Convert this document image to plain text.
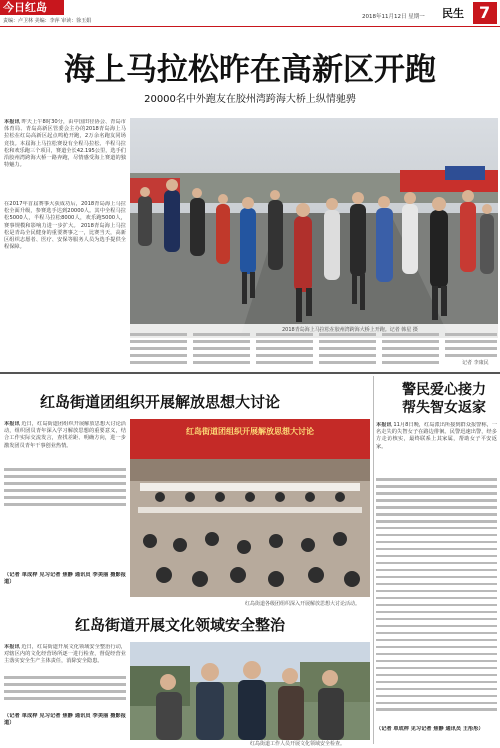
今日红岛
责编：卢卫林 美编：李萍 审读：徐玉娟
2018年11月12日 星期一 民生 7
海上马拉松昨在高新区开跑
20000名中外跑友在胶州湾跨海大桥上纵情驰骋
本报讯 昨天上午8时30分，由中国田径协会、青岛市体育局、青岛高新区管委会主办的2018青岛海上马拉松在红岛高新区起点鸣枪开跑，2万余名跑友同场竞技。本届海上马拉松赛设有全程马拉松、半程马拉松和欢乐跑三个项目，赛道全长42.195公里，选手们沿胶州湾跨海大桥一路奔跑，尽情感受海上赛道的独特魅力。
在2017年首届赛事大获成功后，2018青岛海上马拉松全面升级，参赛选手达到20000人。其中全程马拉松5000人，半程马拉松8000人，欢乐跑5000人，赛事规模和影响力进一步扩大。 2018青岛海上马拉松是青岛全民健身的重要赛事之一，比赛当天，高新区组织志愿者、医疗、安保等服务人员为选手提供全程保障。
2018青岛海上马拉松在胶州湾跨海大桥上开跑。记者 韩星 摄
记者 李康民
红岛街道团组织开展解放思想大讨论
本报讯 近日，红岛街道团组织开展解放思想大讨论活动，组织团员青年深入学习解放思想的重要意义，结合工作实际交流发言，查找差距、明确方向，进一步激发团员青年干事创业热情。
（记者 单成梓 见习记者 焦静 通讯员 李美丽 摄影报道）
红岛街道团组织开展解放思想大讨论
红岛街道各级团组织深入开展解放思想大讨论活动。
红岛街道开展文化领域安全整治
本报讯 近日，红岛街道开展文化领域安全整治行动，对辖区内的文化经营场所逐一进行检查，督促经营业主落实安全生产主体责任，消除安全隐患。
（记者 单成梓 见习记者 焦静 通讯员 李美丽 摄影报道）
红岛街道工作人员开展文化领域安全检查。
警民爱心接力
帮失智女返家
本报讯 11月8日晚，红岛派出所接到群众报警称，一名走失的失智女子在路边徘徊。民警迅速出警，经多方走访核实，最终联系上其家属，帮助女子平安返家。
（记者 单成梓 见习记者 焦静 通讯员 王彤彤）
